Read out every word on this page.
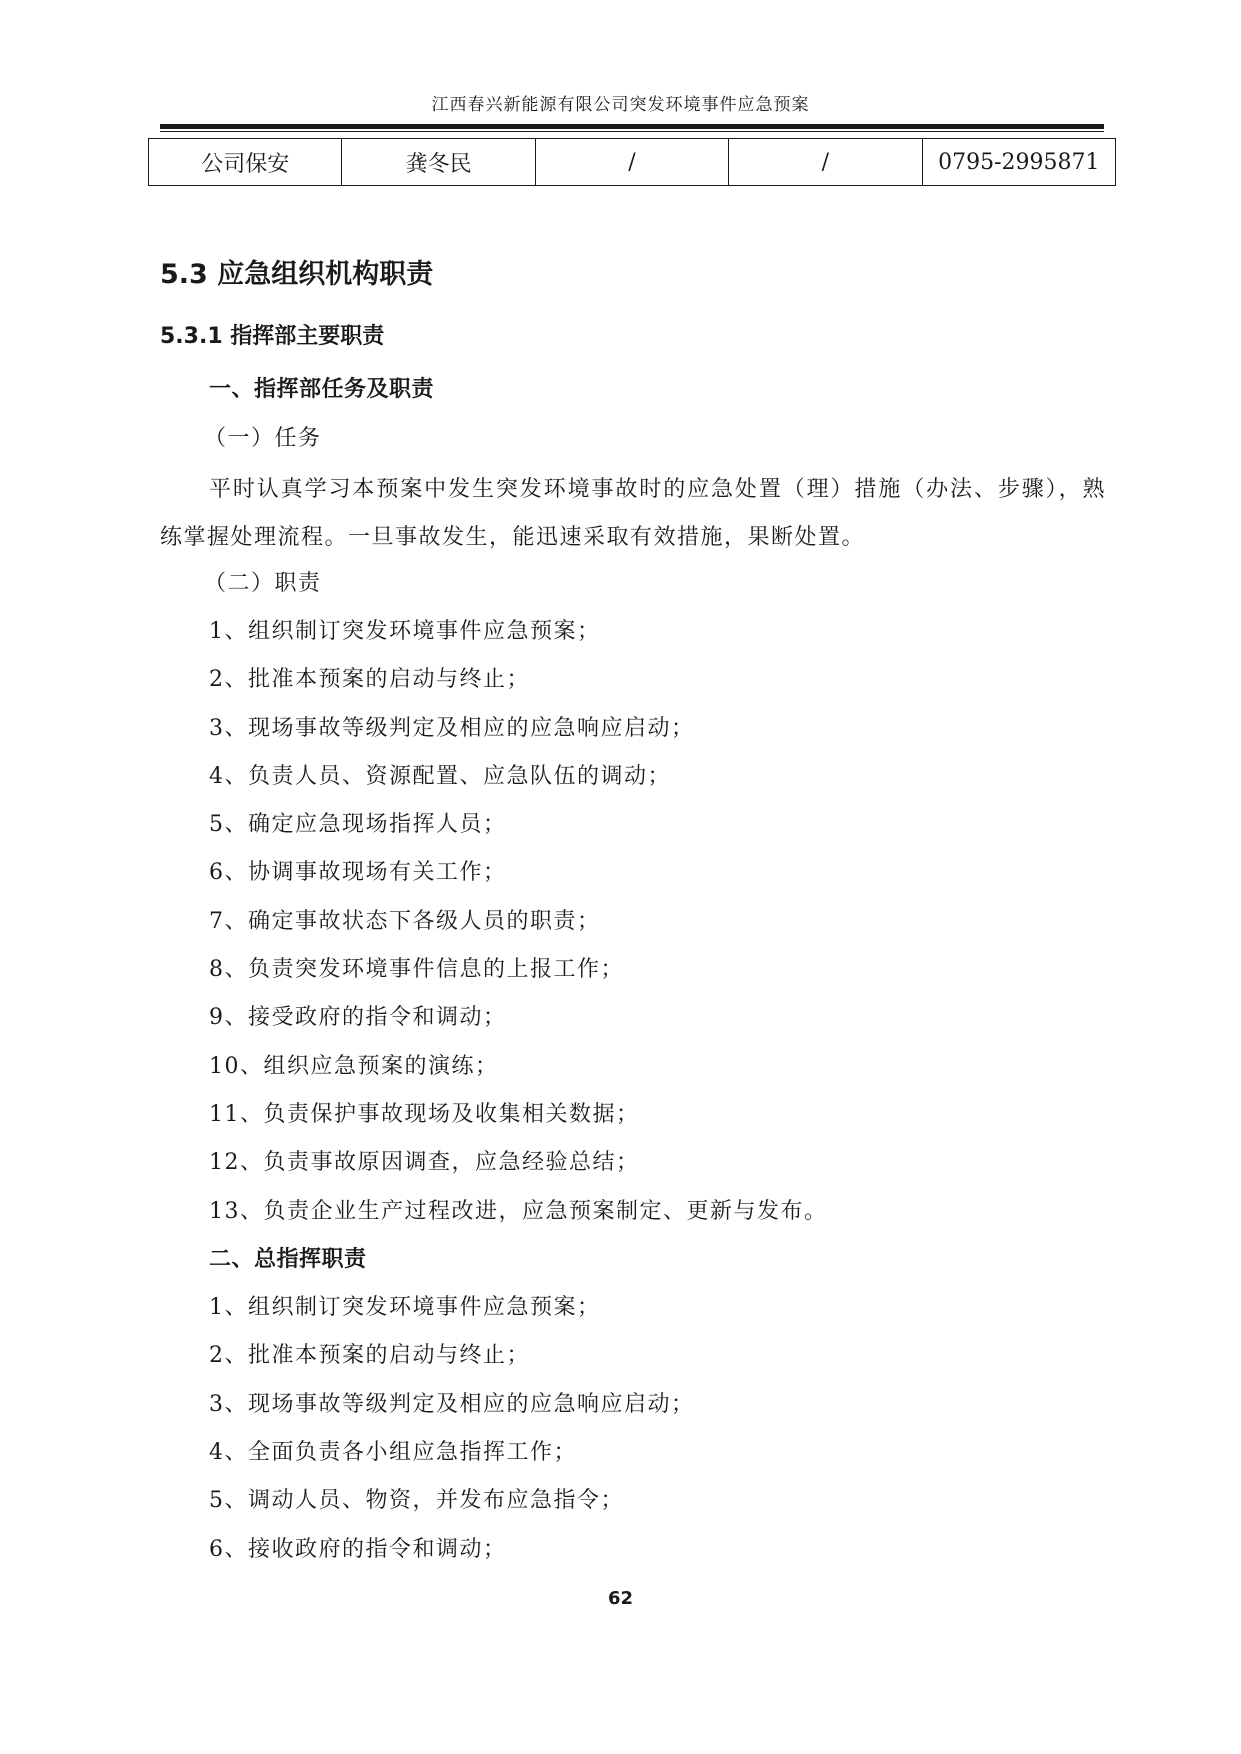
江西春兴新能源有限公司突发环境事件应急预案
公司保安	龚冬民	/	/	0795-2995871
5.3 应急组织机构职责
5.3.1 指挥部主要职责
一、指挥部任务及职责
（一）任务
平时认真学习本预案中发生突发环境事故时的应急处置（理）措施（办法、步骤），熟练掌握处理流程。一旦事故发生，能迅速采取有效措施，果断处置。
（二）职责
1、组织制订突发环境事件应急预案；
2、批准本预案的启动与终止；
3、现场事故等级判定及相应的应急响应启动；
4、负责人员、资源配置、应急队伍的调动；
5、确定应急现场指挥人员；
6、协调事故现场有关工作；
7、确定事故状态下各级人员的职责；
8、负责突发环境事件信息的上报工作；
9、接受政府的指令和调动；
10、组织应急预案的演练；
11、负责保护事故现场及收集相关数据；
12、负责事故原因调查，应急经验总结；
13、负责企业生产过程改进，应急预案制定、更新与发布。
二、总指挥职责
1、组织制订突发环境事件应急预案；
2、批准本预案的启动与终止；
3、现场事故等级判定及相应的应急响应启动；
4、全面负责各小组应急指挥工作；
5、调动人员、物资，并发布应急指令；
6、接收政府的指令和调动；
62
